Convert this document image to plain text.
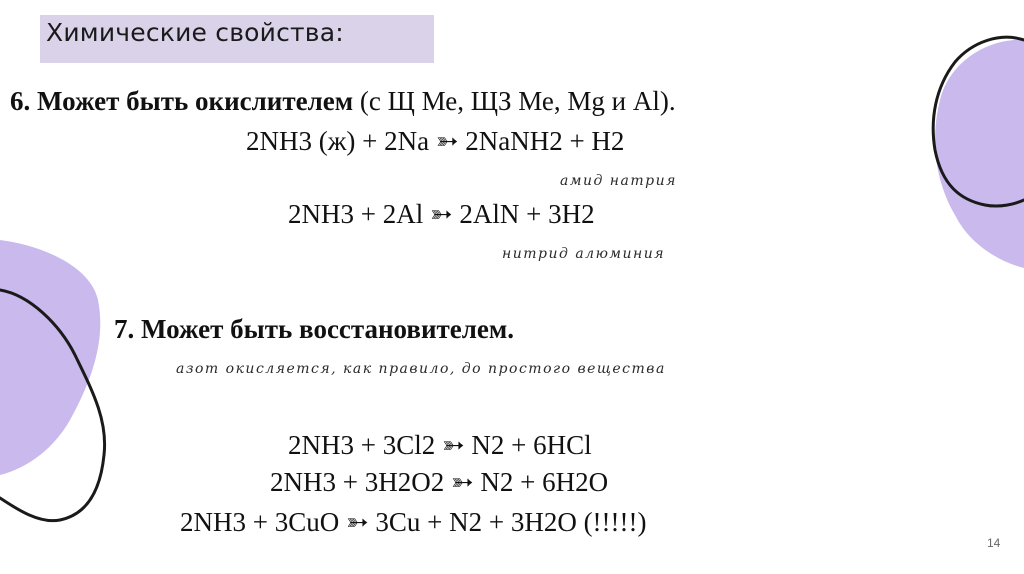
Химические свойства:
6. Может быть окислителем (с Щ Ме, ЩЗ Ме, Mg и Al).
2NH3 (ж) + 2Na ➳ 2NaNH2 + H2
амид натрия
2NH3 + 2Al ➳ 2AlN + 3H2
нитрид алюминия
7. Может быть восстановителем.
азот окисляется, как правило, до простого вещества
2NH3 + 3Cl2 ➳ N2 + 6HCl
2NH3 + 3H2O2 ➳ N2 + 6H2O
2NH3 + 3CuO ➳ 3Cu + N2 + 3H2O (!!!!!)
14
